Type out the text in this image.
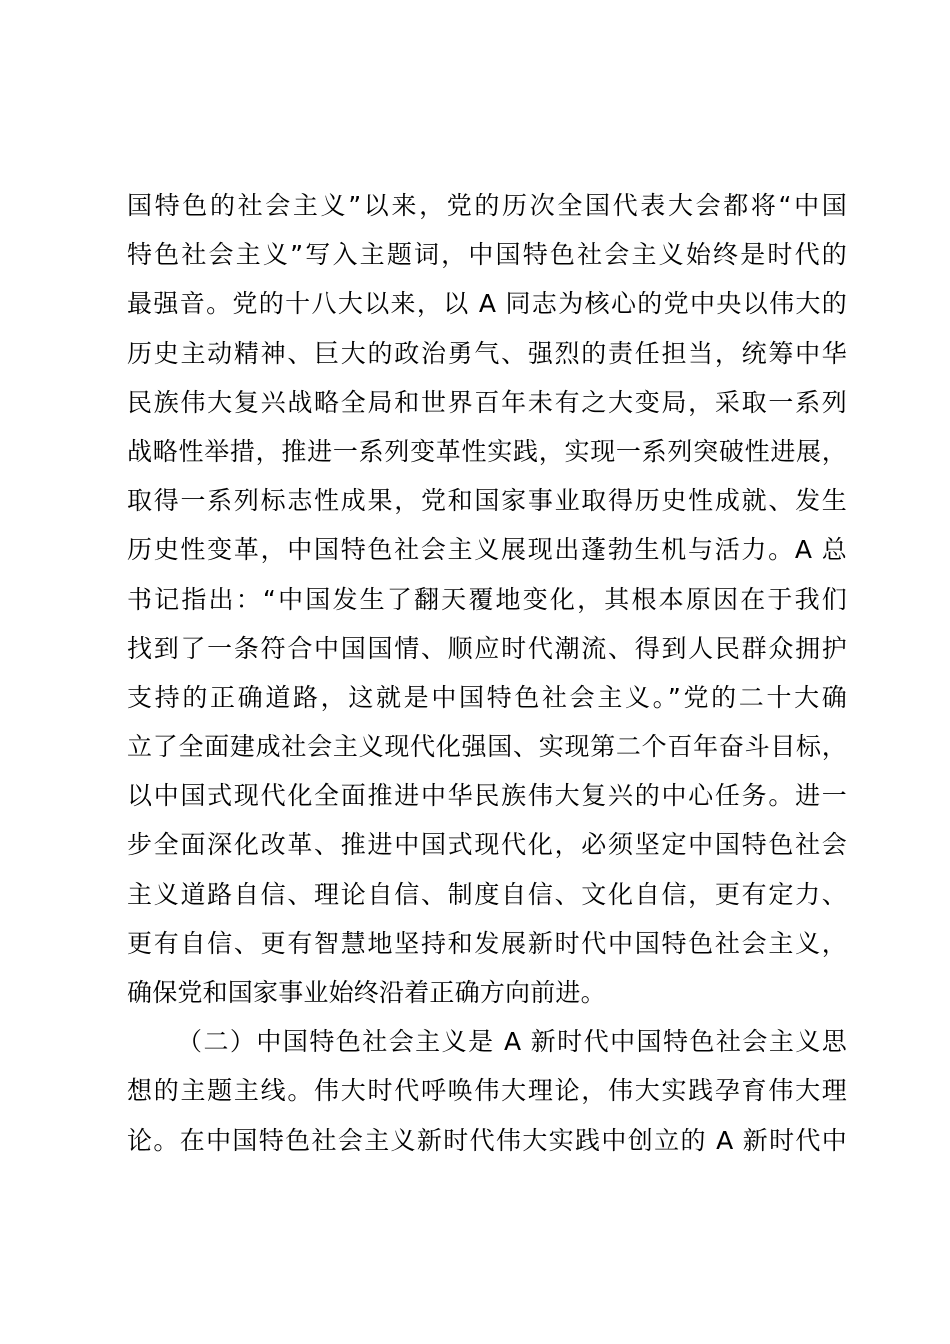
国特色的社会主义”以来，党的历次全国代表大会都将“中国
特色社会主义”写入主题词，中国特色社会主义始终是时代的
最强音。党的十八大以来，以 A 同志为核心的党中央以伟大的
历史主动精神、巨大的政治勇气、强烈的责任担当，统筹中华
民族伟大复兴战略全局和世界百年未有之大变局，采取一系列
战略性举措，推进一系列变革性实践，实现一系列突破性进展，
取得一系列标志性成果，党和国家事业取得历史性成就、发生
历史性变革，中国特色社会主义展现出蓬勃生机与活力。A 总
书记指出：“中国发生了翻天覆地变化，其根本原因在于我们
找到了一条符合中国国情、顺应时代潮流、得到人民群众拥护
支持的正确道路，这就是中国特色社会主义。”党的二十大确
立了全面建成社会主义现代化强国、实现第二个百年奋斗目标，
以中国式现代化全面推进中华民族伟大复兴的中心任务。进一
步全面深化改革、推进中国式现代化，必须坚定中国特色社会
主义道路自信、理论自信、制度自信、文化自信，更有定力、
更有自信、更有智慧地坚持和发展新时代中国特色社会主义，
确保党和国家事业始终沿着正确方向前进。
（二）中国特色社会主义是 A 新时代中国特色社会主义思
想的主题主线。伟大时代呼唤伟大理论，伟大实践孕育伟大理
论。在中国特色社会主义新时代伟大实践中创立的 A 新时代中
